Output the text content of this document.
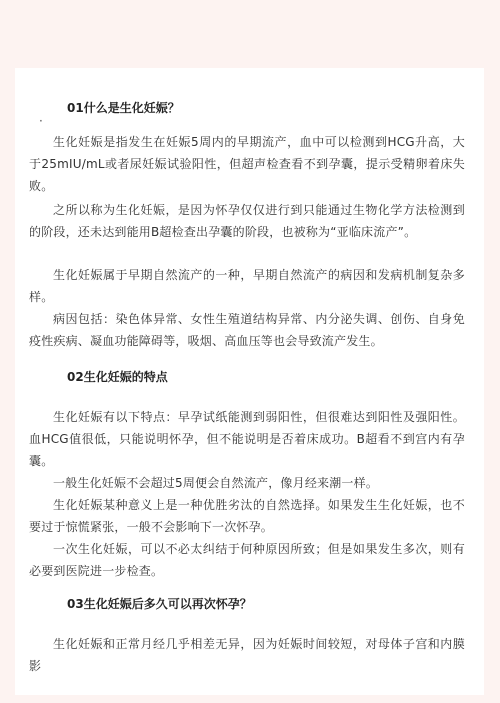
01什么是生化妊娠？
·

生化妊娠是指发生在妊娠5周内的早期流产，血中可以检测到HCG升高，大于25mIU/mL或者尿妊娠试验阳性，但超声检查看不到孕囊，提示受精卵着床失败。

之所以称为生化妊娠，是因为怀孕仅仅进行到只能通过生物化学方法检测到的阶段，还未达到能用B超检查出孕囊的阶段，也被称为“亚临床流产”。

生化妊娠属于早期自然流产的一种，早期自然流产的病因和发病机制复杂多样。

病因包括：染色体异常、女性生殖道结构异常、内分泌失调、创伤、自身免疫性疾病、凝血功能障碍等，吸烟、高血压等也会导致流产发生。

02生化妊娠的特点

生化妊娠有以下特点：早孕试纸能测到弱阳性，但很难达到阳性及强阳性。血HCG值很低，只能说明怀孕，但不能说明是否着床成功。B超看不到宫内有孕囊。

一般生化妊娠不会超过5周便会自然流产，像月经来潮一样。

生化妊娠某种意义上是一种优胜劣汰的自然选择。如果发生生化妊娠，也不要过于惊慌紧张，一般不会影响下一次怀孕。

一次生化妊娠，可以不必太纠结于何种原因所致；但是如果发生多次，则有必要到医院进一步检查。

03生化妊娠后多久可以再次怀孕？

生化妊娠和正常月经几乎相差无异，因为妊娠时间较短，对母体子宫和内膜影
